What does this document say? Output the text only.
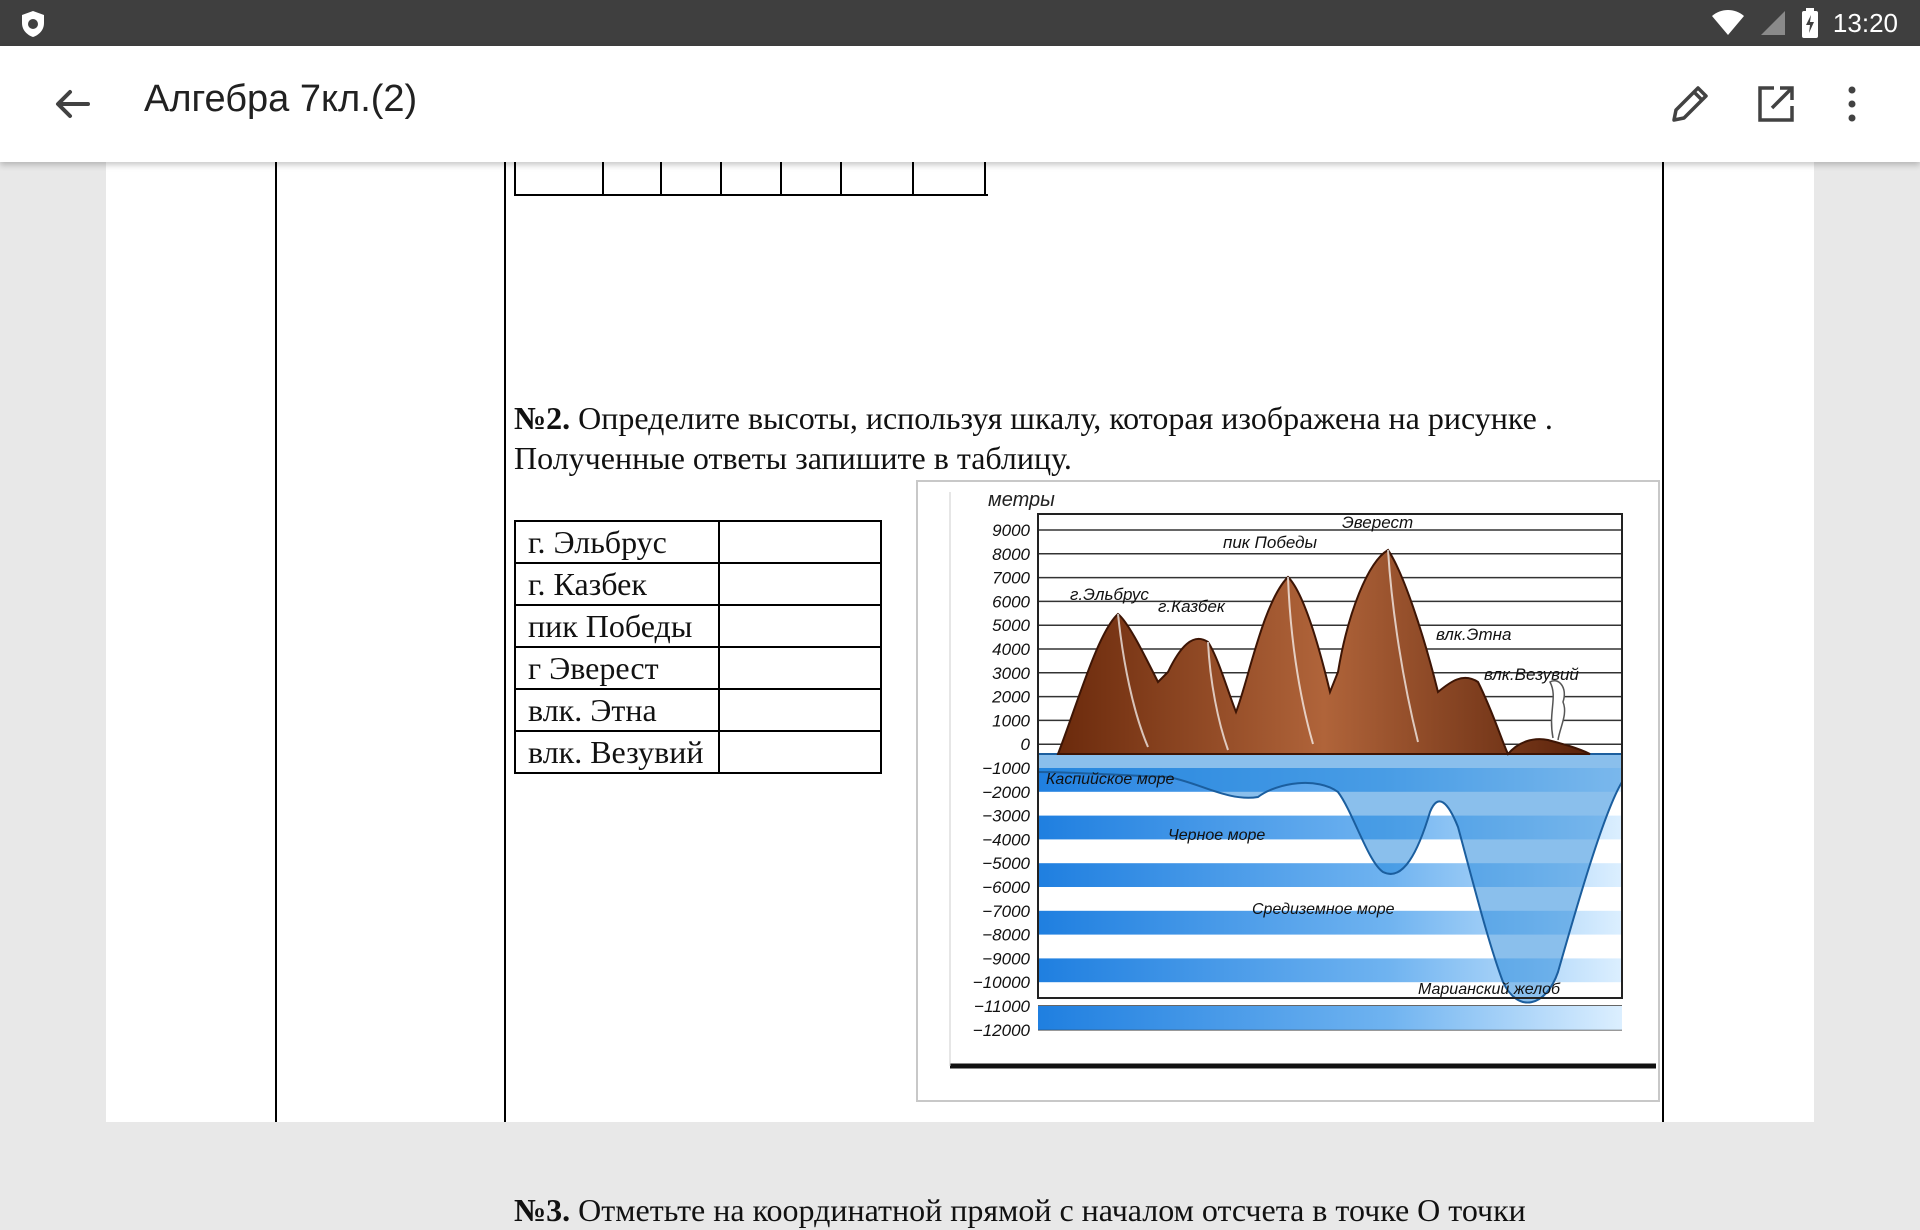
13:20
Алгебра 7кл.(2)
№2. Определите высоты, используя шкалу, которая изображена на рисунке .
Полученные ответы запишите в таблицу.
г. Эльбрус	
г. Казбек	
пик Победы	
г Эверест	
влк. Этна	
влк. Везувий	
метры
Эверест
пик Победы
г.Эльбрус
г.Казбек
влк.Этна
влк.Везувий
Каспийское море
Черное море
Средиземное море
Марианский желоб
9000
8000
7000
6000
5000
4000
3000
2000
1000
0
−1000
−2000
−3000
−4000
−5000
−6000
−7000
−8000
−9000
−10000
−11000
−12000
№3. Отметьте на координатной прямой с началом отсчета в точке О точки
